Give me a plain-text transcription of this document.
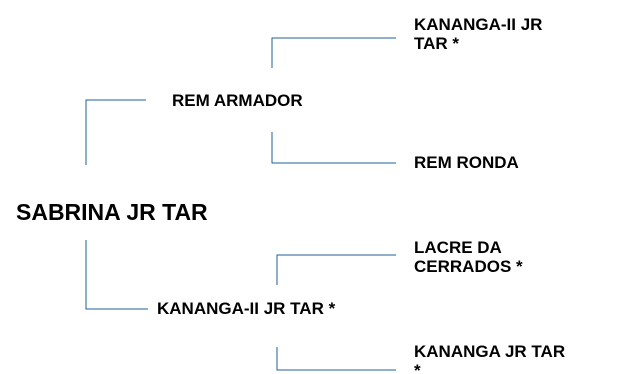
SABRINA JR TAR
REM ARMADOR
KANANGA-II JR TAR *
KANANGA-II JR
TAR *
REM RONDA
LACRE DA
CERRADOS *
KANANGA JR TAR
*
